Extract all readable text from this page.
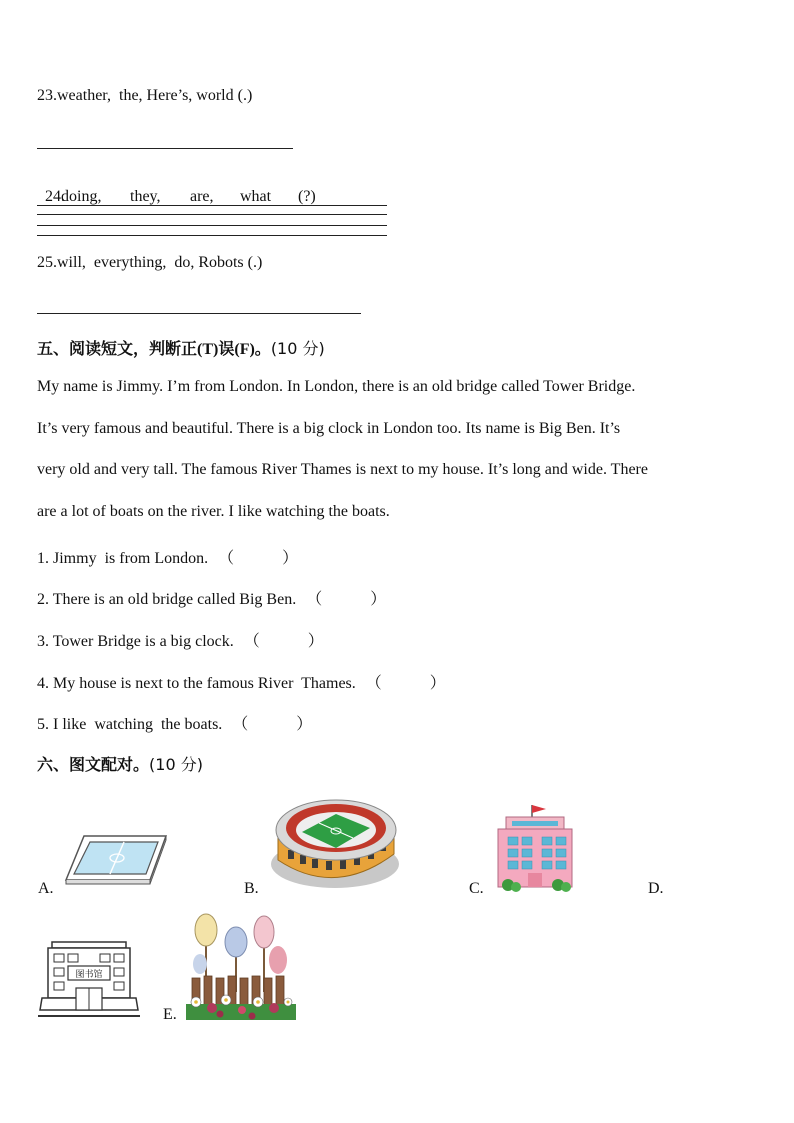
23.weather,  the, Here’s, world (.)

24.
doing, they, are, what (?)

25.will,  everything,  do, Robots (.)
五、阅读短文，判断正(T)误(F)。(10 分)
My name is Jimmy. I’m from London. In London, there is an old bridge called Tower Bridge.
It’s very famous and beautiful. There is a big clock in London too. Its name is Big Ben. It’s
very old and very tall. The famous River Thames is next to my house. It’s long and wide. There
are a lot of boats on the river. I like watching the boats.
1. Jimmy  is from London. （　　　）
2. There is an old bridge called Big Ben. （　　　）
3. Tower Bridge is a big clock. （　　　）
4. My house is next to the famous River  Thames. （　　　）
5. I like  watching  the boats. （　　　）
六、图文配对。(10 分)
A.	B.	C.	D.
图书馆
E.
